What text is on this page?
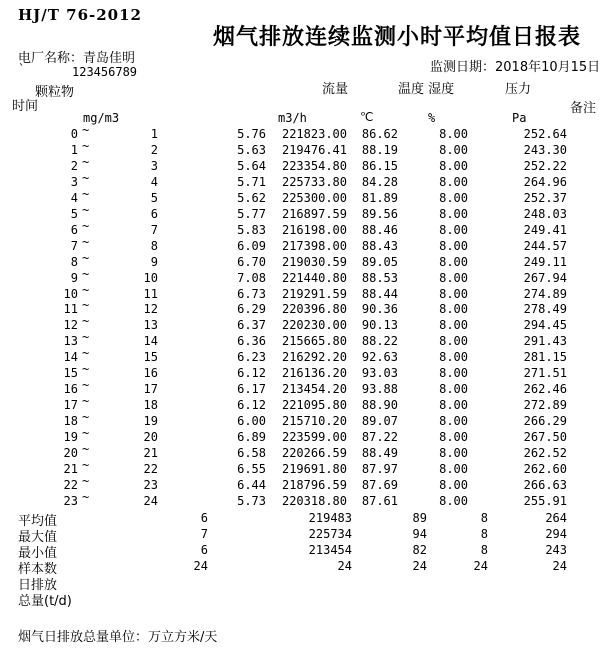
HJ/T 76-2012
烟气排放连续监测小时平均值日报表
电厂名称：青岛佳明
`	123456789	监测日期：2018年10月15日
颗粒物	流量	温度 湿度	压力
时间	备注
mg/m3	m3/h	℃	%	Pa
0 ~	1	5.76	221823.00	86.62	8.00	252.64
1 ~	2	5.63	219476.41	88.19	8.00	243.30
2 ~	3	5.64	223354.80	86.15	8.00	252.22
3 ~	4	5.71	225733.80	84.28	8.00	264.96
4 ~	5	5.62	225300.00	81.89	8.00	252.37
5 ~	6	5.77	216897.59	89.56	8.00	248.03
6 ~	7	5.83	216198.00	88.46	8.00	249.41
7 ~	8	6.09	217398.00	88.43	8.00	244.57
8 ~	9	6.70	219030.59	89.05	8.00	249.11
9 ~	10	7.08	221440.80	88.53	8.00	267.94
10 ~	11	6.73	219291.59	88.44	8.00	274.89
11 ~	12	6.29	220396.80	90.36	8.00	278.49
12 ~	13	6.37	220230.00	90.13	8.00	294.45
13 ~	14	6.36	215665.80	88.22	8.00	291.43
14 ~	15	6.23	216292.20	92.63	8.00	281.15
15 ~	16	6.12	216136.20	93.03	8.00	271.51
16 ~	17	6.17	213454.20	93.88	8.00	262.46
17 ~	18	6.12	221095.80	88.90	8.00	272.89
18 ~	19	6.00	215710.20	89.07	8.00	266.29
19 ~	20	6.89	223599.00	87.22	8.00	267.50
20 ~	21	6.58	220266.59	88.49	8.00	262.52
21 ~	22	6.55	219691.80	87.97	8.00	262.60
22 ~	23	6.44	218796.59	87.69	8.00	266.63
23 ~	24	5.73	220318.80	87.61	8.00	255.91
平均值	6	219483	89	8	264
最大值	7	225734	94	8	294
最小值	6	213454	82	8	243
样本数	24	24	24	24	24
日排放
总量(t/d)
烟气日排放总量单位：万立方米/天
